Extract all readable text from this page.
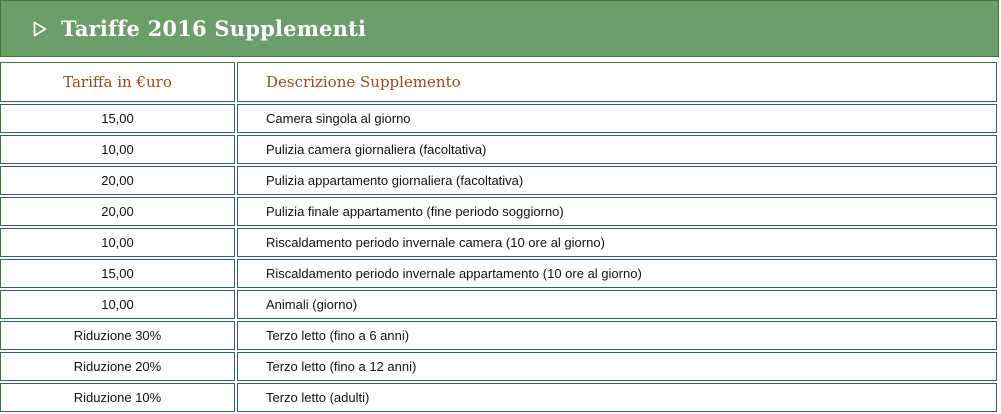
Tariffe 2016 Supplementi
Tariffa in €uro	Descrizione Supplemento
15,00	Camera singola al giorno
10,00	Pulizia camera giornaliera (facoltativa)
20,00	Pulizia appartamento giornaliera (facoltativa)
20,00	Pulizia finale appartamento (fine periodo soggiorno)
10,00	Riscaldamento periodo invernale camera (10 ore al giorno)
15,00	Riscaldamento periodo invernale appartamento (10 ore al giorno)
10,00	Animali (giorno)
Riduzione 30%	Terzo letto (fino a 6 anni)
Riduzione 20%	Terzo letto (fino a 12 anni)
Riduzione 10%	Terzo letto (adulti)
